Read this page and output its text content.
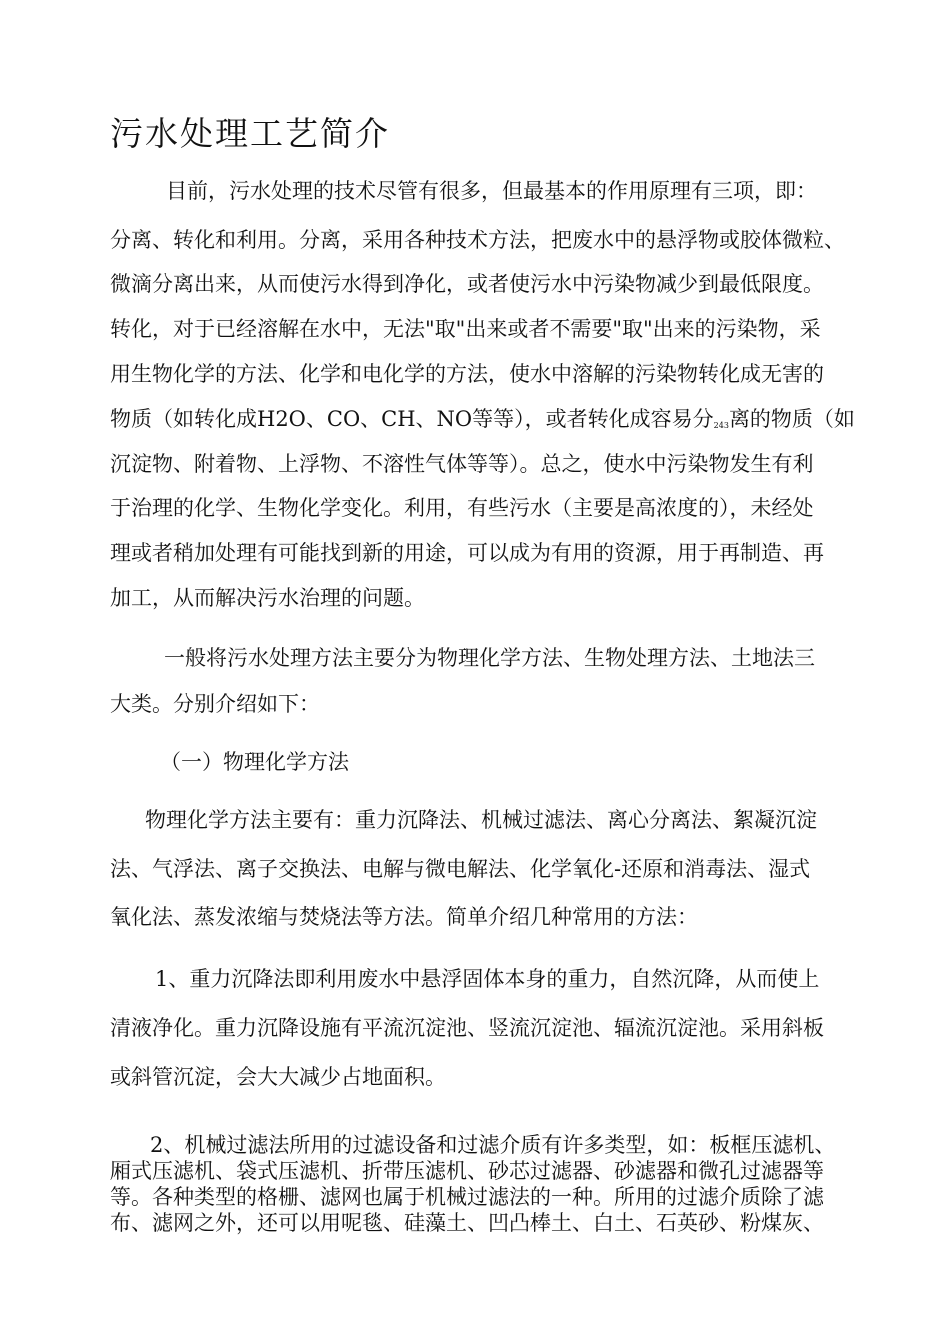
污水处理工艺简介
目前，污水处理的技术尽管有很多，但最基本的作用原理有三项，即：
分离、转化和利用。分离，采用各种技术方法，把废水中的悬浮物或胶体微粒、
微滴分离出来，从而使污水得到净化，或者使污水中污染物减少到最低限度。
转化，对于已经溶解在水中，无法"取"出来或者不需要"取"出来的污染物，采
用生物化学的方法、化学和电化学的方法，使水中溶解的污染物转化成无害的
物质（如转化成H2O、CO、CH、NO等等），或者转化成容易分$_{243}$离的物质（如
沉淀物、附着物、上浮物、不溶性气体等等）。总之，使水中污染物发生有利
于治理的化学、生物化学变化。利用，有些污水（主要是高浓度的），未经处
理或者稍加处理有可能找到新的用途，可以成为有用的资源，用于再制造、再
加工，从而解决污水治理的问题。
一般将污水处理方法主要分为物理化学方法、生物处理方法、土地法三
大类。分别介绍如下：
（一）物理化学方法
物理化学方法主要有：重力沉降法、机械过滤法、离心分离法、絮凝沉淀
法、气浮法、离子交换法、电解与微电解法、化学氧化-还原和消毒法、湿式
氧化法、蒸发浓缩与焚烧法等方法。简单介绍几种常用的方法：
1、重力沉降法即利用废水中悬浮固体本身的重力，自然沉降，从而使上
清液净化。重力沉降设施有平流沉淀池、竖流沉淀池、辐流沉淀池。采用斜板
或斜管沉淀，会大大减少占地面积。
2、机械过滤法所用的过滤设备和过滤介质有许多类型，如：板框压滤机、
厢式压滤机、袋式压滤机、折带压滤机、砂芯过滤器、砂滤器和微孔过滤器等
等。各种类型的格栅、滤网也属于机械过滤法的一种。所用的过滤介质除了滤
布、滤网之外，还可以用呢毯、硅藻土、凹凸棒土、白土、石英砂、粉煤灰、
